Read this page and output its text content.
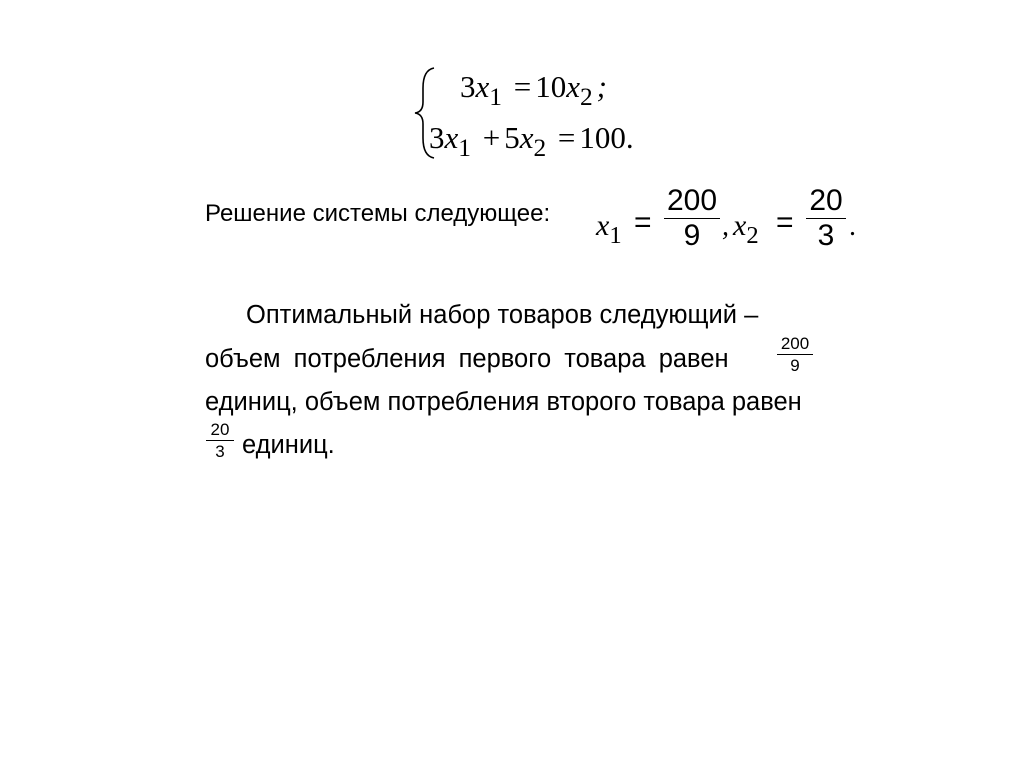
$3x_1 = 10x_2$ ;
$3x_1 + 5x_2 = 100$.
Решение системы следующее: $x_1$ =
200
9 , $x_2$ =
20
3 .
Оптимальный набор товаров следующий –
объем потребления первого товара равен
200
9
единиц, объем потребления второго товара равен
20
3 единиц.
